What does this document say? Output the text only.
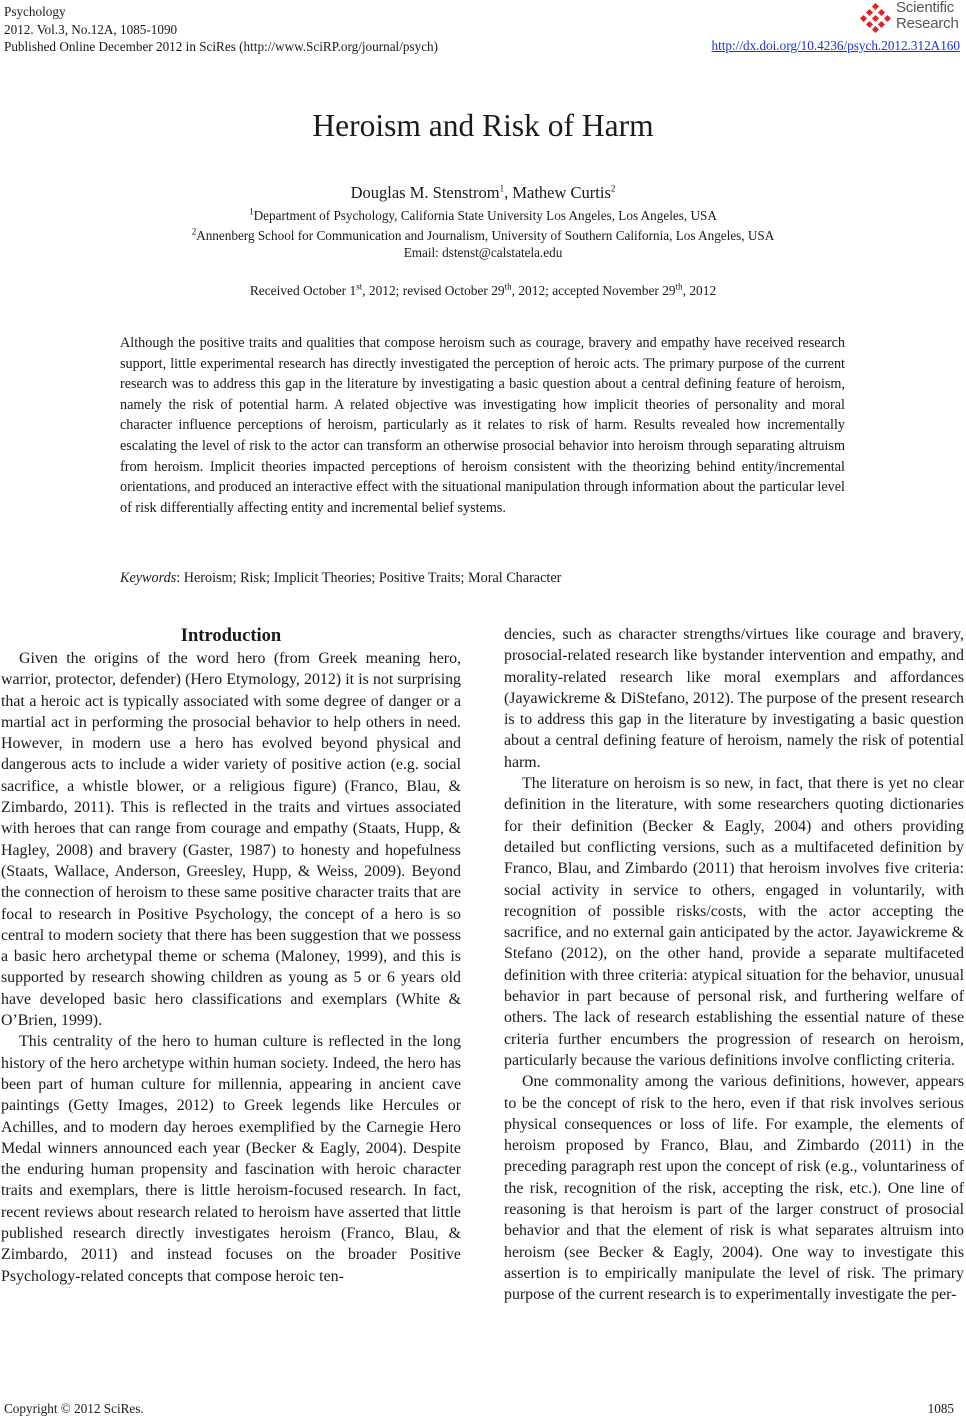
Psychology
2012. Vol.3, No.12A, 1085-1090
Published Online December 2012 in SciRes (http://www.SciRP.org/journal/psych)
Scientific
Research
http://dx.doi.org/10.4236/psych.2012.312A160
Heroism and Risk of Harm
Douglas M. Stenstrom$^1$, Mathew Curtis$^2$
$^1$Department of Psychology, California State University Los Angeles, Los Angeles, USA
$^2$Annenberg School for Communication and Journalism, University of Southern California, Los Angeles, USA
Email: dstenst@calstatela.edu
Received October 1st, 2012; revised October 29th, 2012; accepted November 29th, 2012
Although the positive traits and qualities that compose heroism such as courage, bravery and empathy have received research support, little experimental research has directly investigated the perception of heroic acts. The primary purpose of the current research was to address this gap in the literature by investigating a basic question about a central defining feature of heroism, namely the risk of potential harm. A related objective was investigating how implicit theories of personality and moral character influence perceptions of heroism, particularly as it relates to risk of harm. Results revealed how incrementally escalating the level of risk to the actor can transform an otherwise prosocial behavior into heroism through separating altruism from heroism. Implicit theories impacted perceptions of heroism consistent with the theorizing behind entity/incremental orientations, and produced an interactive effect with the situational manipulation through information about the particular level of risk differentially affecting entity and incremental belief systems.
Keywords: Heroism; Risk; Implicit Theories; Positive Traits; Moral Character

Introduction

Given the origins of the word hero (from Greek meaning hero, warrior, protector, defender) (Hero Etymology, 2012) it is not surprising that a heroic act is typically associated with some degree of danger or a martial act in performing the prosocial behavior to help others in need. However, in modern use a hero has evolved beyond physical and dangerous acts to include a wider variety of positive action (e.g. social sacrifice, a whistle blower, or a religious figure) (Franco, Blau, & Zimbardo, 2011). This is reflected in the traits and virtues associated with heroes that can range from courage and empathy (Staats, Hupp, & Hagley, 2008) and bravery (Gaster, 1987) to honesty and hopefulness (Staats, Wallace, Anderson, Greesley, Hupp, & Weiss, 2009). Beyond the connection of heroism to these same positive character traits that are focal to research in Positive Psychology, the concept of a hero is so central to modern society that there has been suggestion that we possess a basic hero archetypal theme or schema (Maloney, 1999), and this is supported by research showing children as young as 5 or 6 years old have developed basic hero classifications and exemplars (White & O’Brien, 1999).

This centrality of the hero to human culture is reflected in the long history of the hero archetype within human society. Indeed, the hero has been part of human culture for millennia, appearing in ancient cave paintings (Getty Images, 2012) to Greek legends like Hercules or Achilles, and to modern day heroes exemplified by the Carnegie Hero Medal winners announced each year (Becker & Eagly, 2004). Despite the enduring human propensity and fascination with heroic character traits and exemplars, there is little heroism-focused research. In fact, recent reviews about research related to heroism have asserted that little published research directly investigates heroism (Franco, Blau, & Zimbardo, 2011) and instead focuses on the broader Positive Psychology-related concepts that compose heroic ten-

dencies, such as character strengths/virtues like courage and bravery, prosocial-related research like bystander intervention and empathy, and morality-related research like moral exemplars and affordances (Jayawickreme & DiStefano, 2012). The purpose of the present research is to address this gap in the literature by investigating a basic question about a central defining feature of heroism, namely the risk of potential harm.

The literature on heroism is so new, in fact, that there is yet no clear definition in the literature, with some researchers quoting dictionaries for their definition (Becker & Eagly, 2004) and others providing detailed but conflicting versions, such as a multifaceted definition by Franco, Blau, and Zimbardo (2011) that heroism involves five criteria: social activity in service to others, engaged in voluntarily, with recognition of possible risks/costs, with the actor accepting the sacrifice, and no external gain anticipated by the actor. Jayawickreme & Stefano (2012), on the other hand, provide a separate multifaceted definition with three criteria: atypical situation for the behavior, unusual behavior in part because of personal risk, and furthering welfare of others. The lack of research establishing the essential nature of these criteria further encumbers the progression of research on heroism, particularly because the various definitions involve conflicting criteria.

One commonality among the various definitions, however, appears to be the concept of risk to the hero, even if that risk involves serious physical consequences or loss of life. For example, the elements of heroism proposed by Franco, Blau, and Zimbardo (2011) in the preceding paragraph rest upon the concept of risk (e.g., voluntariness of the risk, recognition of the risk, accepting the risk, etc.). One line of reasoning is that heroism is part of the larger construct of prosocial behavior and that the element of risk is what separates altruism into heroism (see Becker & Eagly, 2004). One way to investigate this assertion is to empirically manipulate the level of risk. The primary purpose of the current research is to experimentally investigate the per-

Copyright © 2012 SciRes.	1085
